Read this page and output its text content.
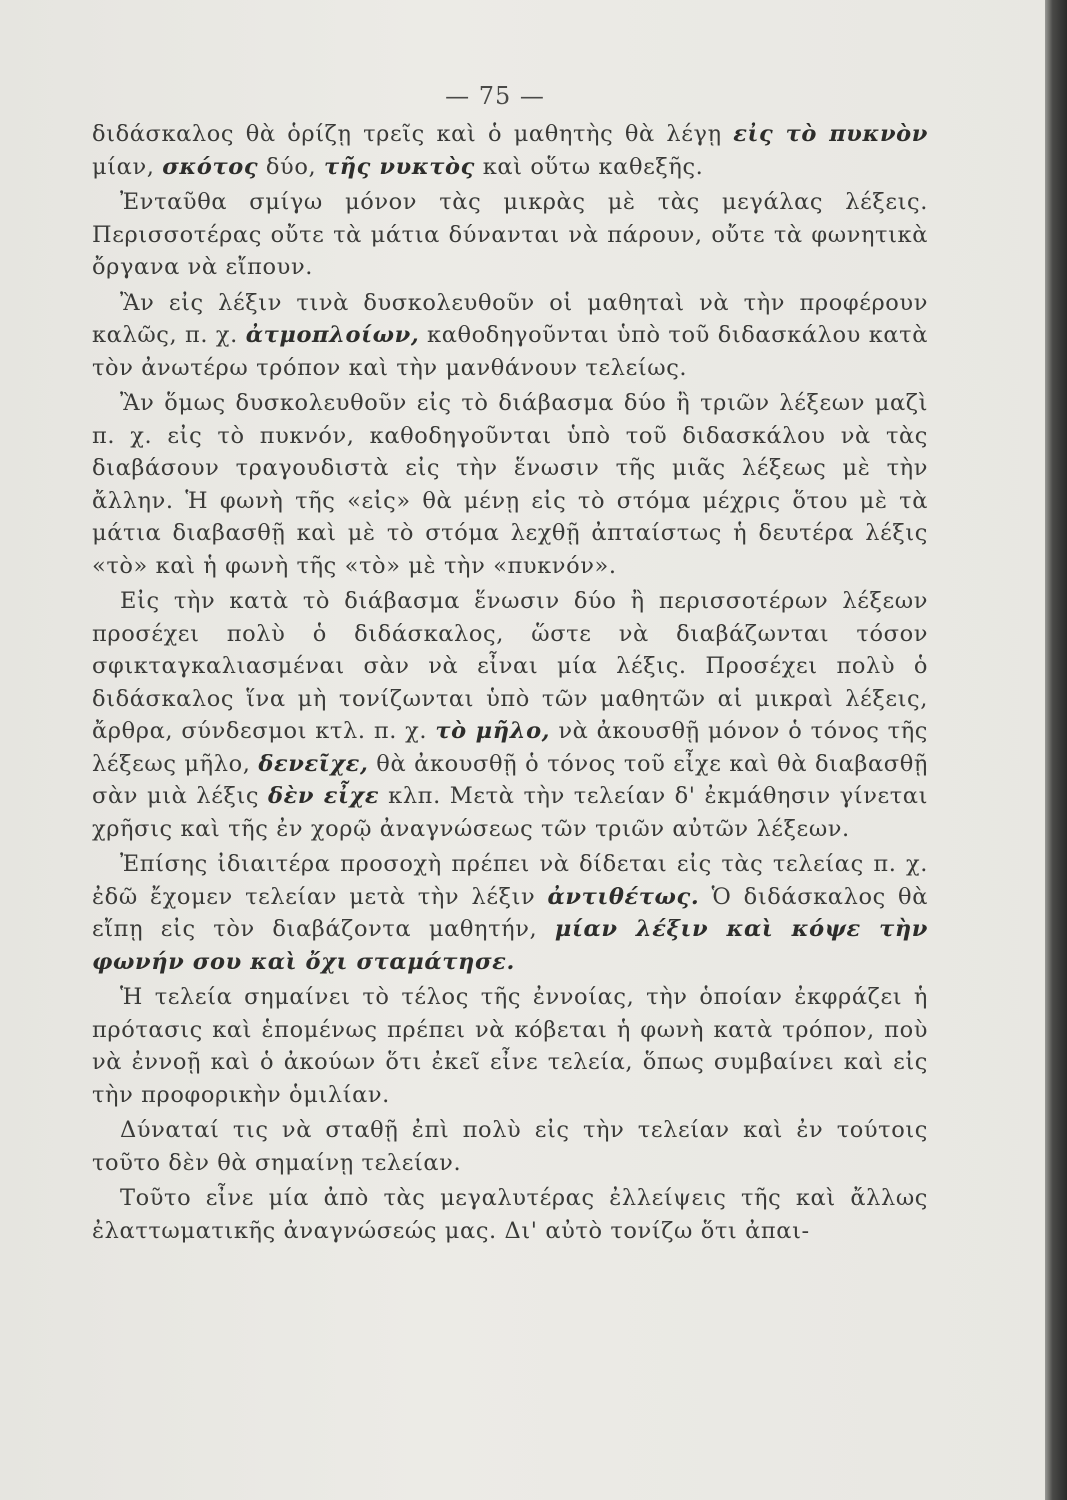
— 75 —

διδάσκαλος θὰ ὁρίζῃ τρεῖς καὶ ὁ μαθητὴς θὰ λέγῃ εἰς τὸ πυκνὸν μίαν, σκότος δύο, τῆς νυκτὸς καὶ οὕτω καθεξῆς.

Ἐνταῦθα σμίγω μόνον τὰς μικρὰς μὲ τὰς μεγάλας λέξεις. Περισσοτέρας οὔτε τὰ μάτια δύνανται νὰ πάρουν, οὔτε τὰ φωνητικὰ ὄργανα νὰ εἴπουν.

Ἂν εἰς λέξιν τινὰ δυσκολευθοῦν οἱ μαθηταὶ νὰ τὴν προφέρουν καλῶς, π. χ. ἀτμοπλοίων, καθοδηγοῦνται ὑπὸ τοῦ διδασκάλου κατὰ τὸν ἀνωτέρω τρόπον καὶ τὴν μανθάνουν τελείως.

Ἂν ὅμως δυσκολευθοῦν εἰς τὸ διάβασμα δύο ἢ τριῶν λέξεων μαζὶ π. χ. εἰς τὸ πυκνόν, καθοδηγοῦνται ὑπὸ τοῦ διδασκάλου νὰ τὰς διαβάσουν τραγουδιστὰ εἰς τὴν ἕνωσιν τῆς μιᾶς λέξεως μὲ τὴν ἄλλην. Ἡ φωνὴ τῆς «εἰς» θὰ μένῃ εἰς τὸ στόμα μέχρις ὅτου μὲ τὰ μάτια διαβασθῇ καὶ μὲ τὸ στόμα λεχθῇ ἀπταίστως ἡ δευτέρα λέξις «τὸ» καὶ ἡ φωνὴ τῆς «τὸ» μὲ τὴν «πυκνόν».

Εἰς τὴν κατὰ τὸ διάβασμα ἕνωσιν δύο ἢ περισσοτέρων λέξεων προσέχει πολὺ ὁ διδάσκαλος, ὥστε νὰ διαβάζωνται τόσον σφικταγκαλιασμέναι σὰν νὰ εἶναι μία λέξις. Προσέχει πολὺ ὁ διδάσκαλος ἵνα μὴ τονίζωνται ὑπὸ τῶν μαθητῶν αἱ μικραὶ λέξεις, ἄρθρα, σύνδεσμοι κτλ. π. χ. τὸ μῆλο, νὰ ἀκουσθῇ μόνον ὁ τόνος τῆς λέξεως μῆλο, δενεῖχε, θὰ ἀκουσθῇ ὁ τόνος τοῦ εἶχε καὶ θὰ διαβασθῇ σὰν μιὰ λέξις δὲν εἶχε κλπ. Μετὰ τὴν τελείαν δ' ἐκμάθησιν γίνεται χρῆσις καὶ τῆς ἐν χορῷ ἀναγνώσεως τῶν τριῶν αὐτῶν λέξεων.

Ἐπίσης ἰδιαιτέρα προσοχὴ πρέπει νὰ δίδεται εἰς τὰς τελείας π. χ. ἐδῶ ἔχομεν τελείαν μετὰ τὴν λέξιν ἀντιθέτως. Ὁ διδάσκαλος θὰ εἴπῃ εἰς τὸν διαβάζοντα μαθητήν, μίαν λέξιν καὶ κόψε τὴν φωνήν σου καὶ ὄχι σταμάτησε.

Ἡ τελεία σημαίνει τὸ τέλος τῆς ἐννοίας, τὴν ὁποίαν ἐκφράζει ἡ πρότασις καὶ ἑπομένως πρέπει νὰ κόβεται ἡ φωνὴ κατὰ τρόπον, ποὺ νὰ ἐννοῇ καὶ ὁ ἀκούων ὅτι ἐκεῖ εἶνε τελεία, ὅπως συμβαίνει καὶ εἰς τὴν προφορικὴν ὁμιλίαν.

Δύναταί τις νὰ σταθῇ ἐπὶ πολὺ εἰς τὴν τελείαν καὶ ἐν τούτοις τοῦτο δὲν θὰ σημαίνῃ τελείαν.

Τοῦτο εἶνε μία ἀπὸ τὰς μεγαλυτέρας ἐλλείψεις τῆς καὶ ἄλλως ἐλαττωματικῆς ἀναγνώσεώς μας. Δι' αὐτὸ τονίζω ὅτι ἀπαι-
